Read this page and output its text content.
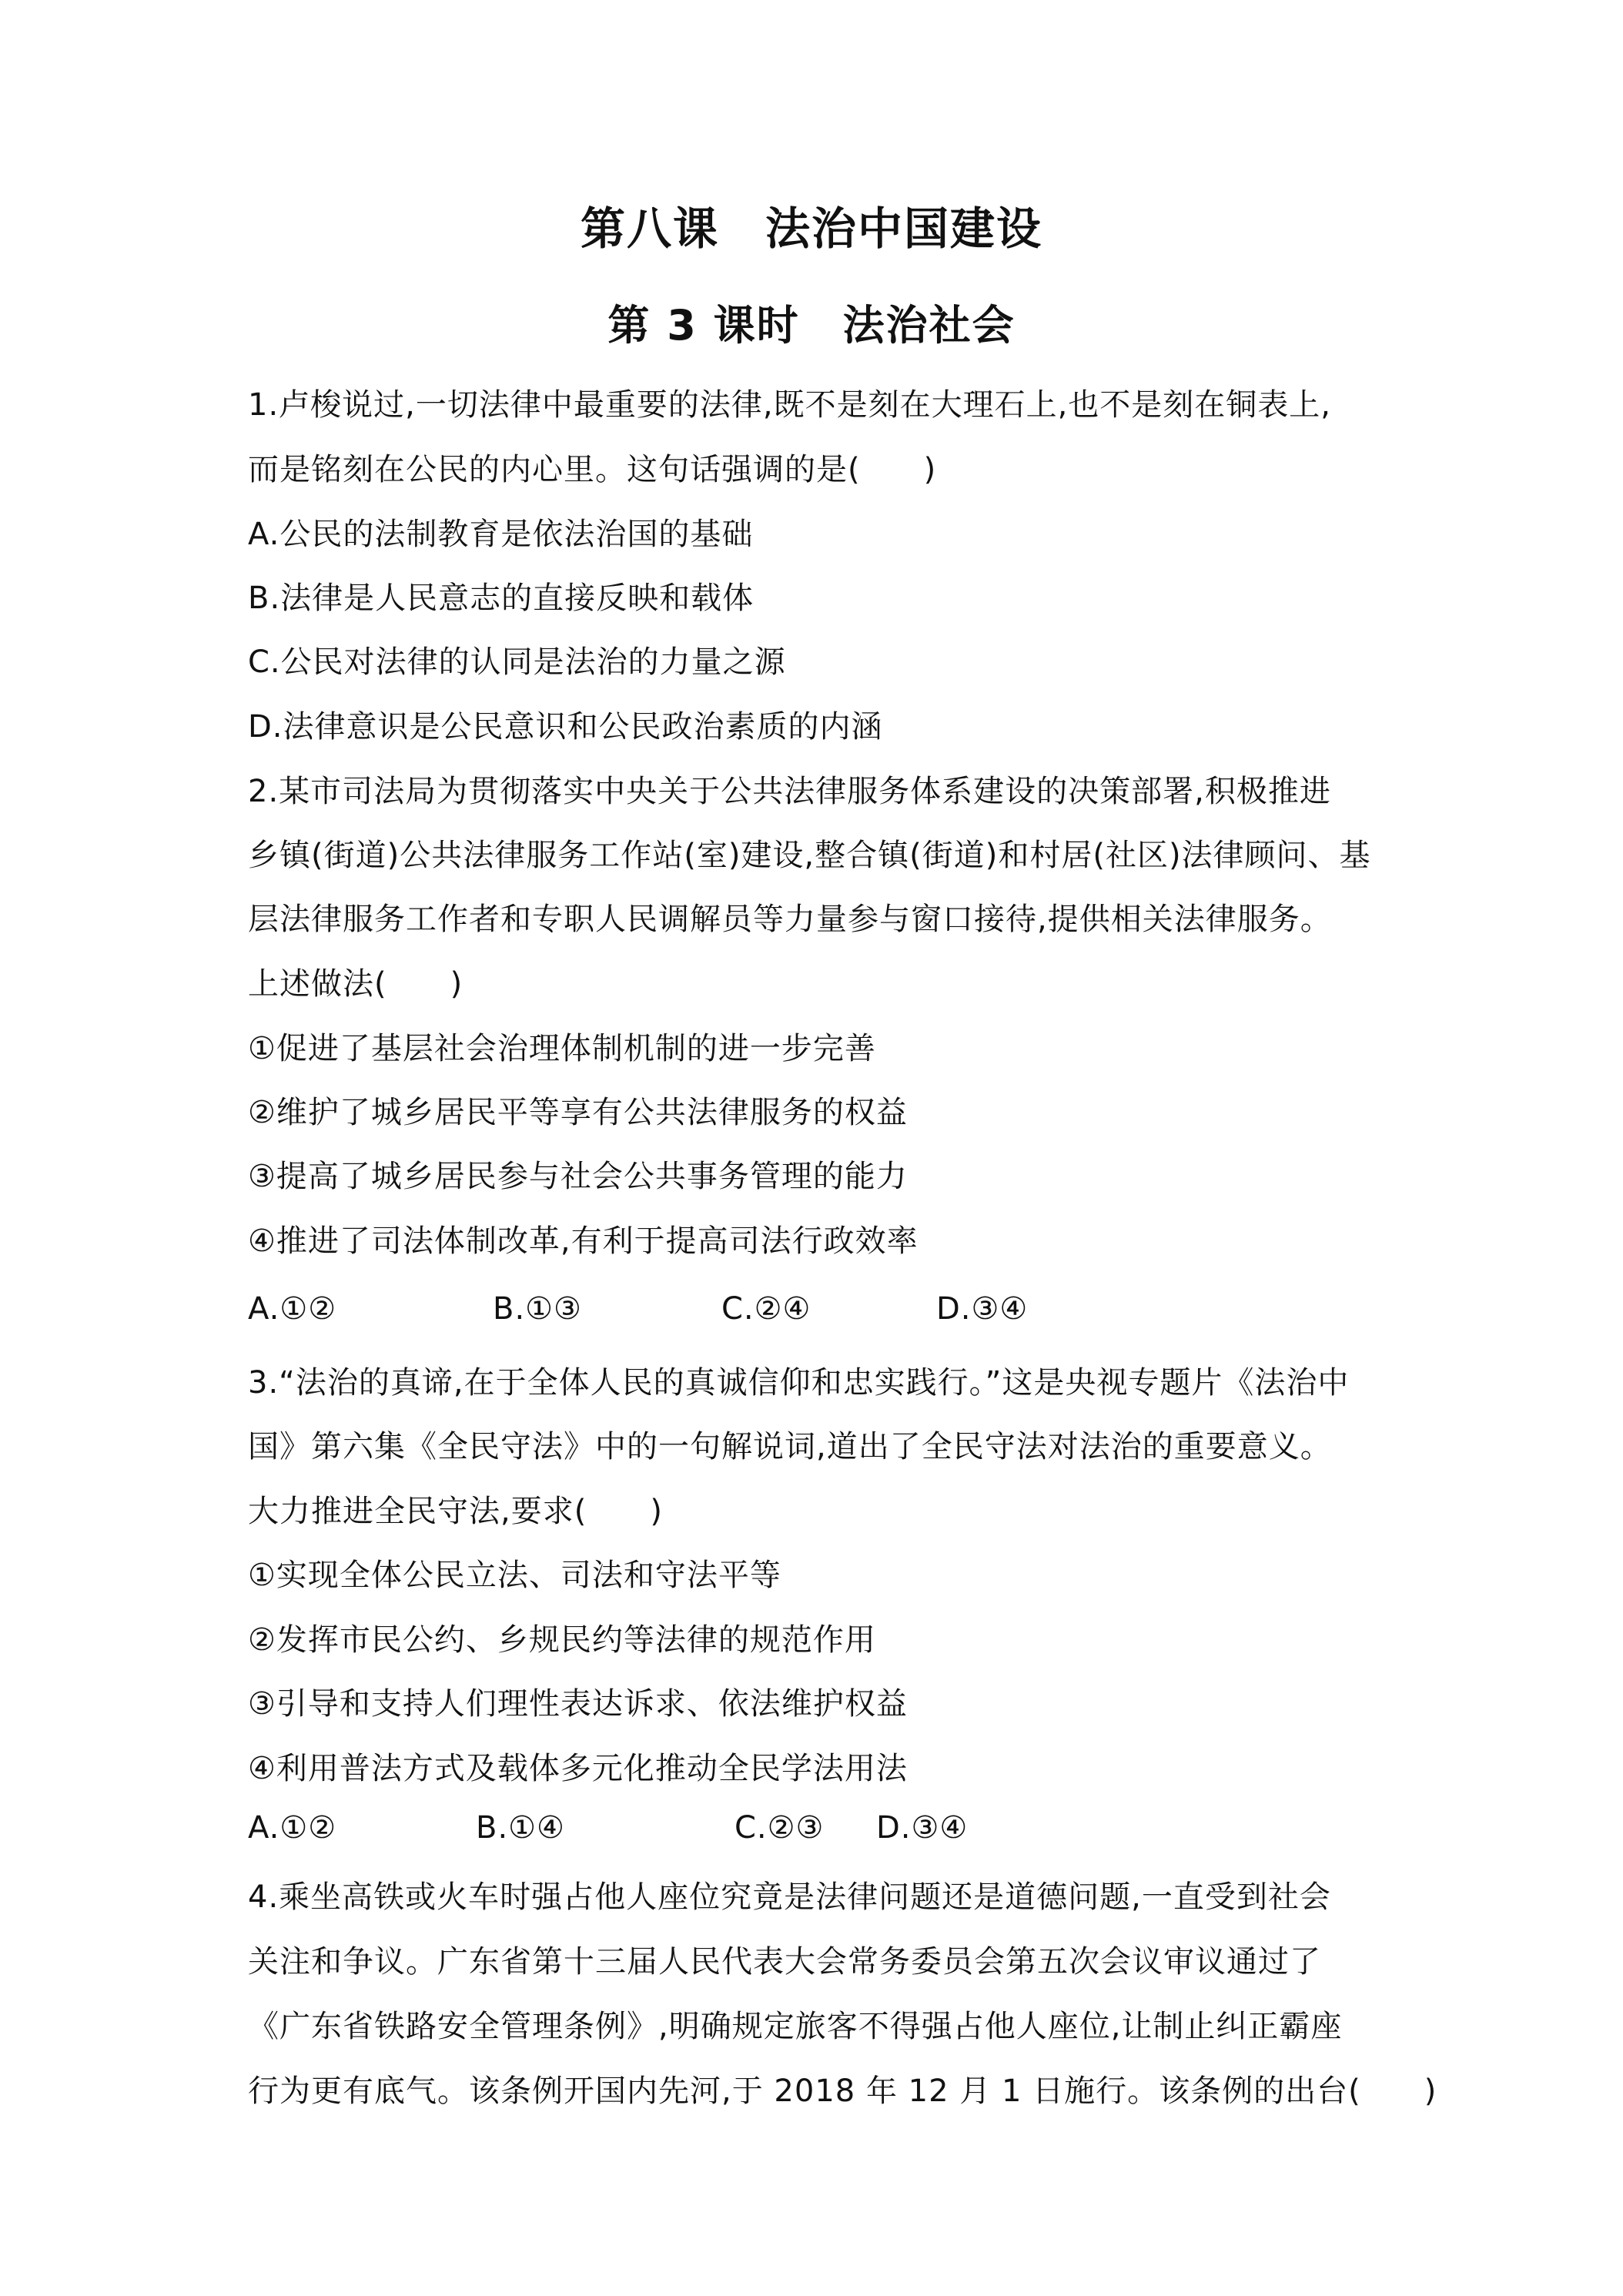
第八课　法治中国建设
第 3 课时　法治社会
1.卢梭说过,一切法律中最重要的法律,既不是刻在大理石上,也不是刻在铜表上,
而是铭刻在公民的内心里。这句话强调的是(　　)
A.公民的法制教育是依法治国的基础
B.法律是人民意志的直接反映和载体
C.公民对法律的认同是法治的力量之源
D.法律意识是公民意识和公民政治素质的内涵
2.某市司法局为贯彻落实中央关于公共法律服务体系建设的决策部署,积极推进
乡镇(街道)公共法律服务工作站(室)建设,整合镇(街道)和村居(社区)法律顾问、基
层法律服务工作者和专职人民调解员等力量参与窗口接待,提供相关法律服务。
上述做法(　　)
①促进了基层社会治理体制机制的进一步完善
②维护了城乡居民平等享有公共法律服务的权益
③提高了城乡居民参与社会公共事务管理的能力
④推进了司法体制改革,有利于提高司法行政效率
A.①②	B.①③	C.②④	D.③④
3.“法治的真谛,在于全体人民的真诚信仰和忠实践行。”这是央视专题片《法治中
国》第六集《全民守法》中的一句解说词,道出了全民守法对法治的重要意义。
大力推进全民守法,要求(　　)
①实现全体公民立法、司法和守法平等
②发挥市民公约、乡规民约等法律的规范作用
③引导和支持人们理性表达诉求、依法维护权益
④利用普法方式及载体多元化推动全民学法用法
A.①②	B.①④	C.②③ D.③④
4.乘坐高铁或火车时强占他人座位究竟是法律问题还是道德问题,一直受到社会
关注和争议。广东省第十三届人民代表大会常务委员会第五次会议审议通过了
《广东省铁路安全管理条例》,明确规定旅客不得强占他人座位,让制止纠正霸座
行为更有底气。该条例开国内先河,于 2018 年 12 月 1 日施行。该条例的出台(　　)
